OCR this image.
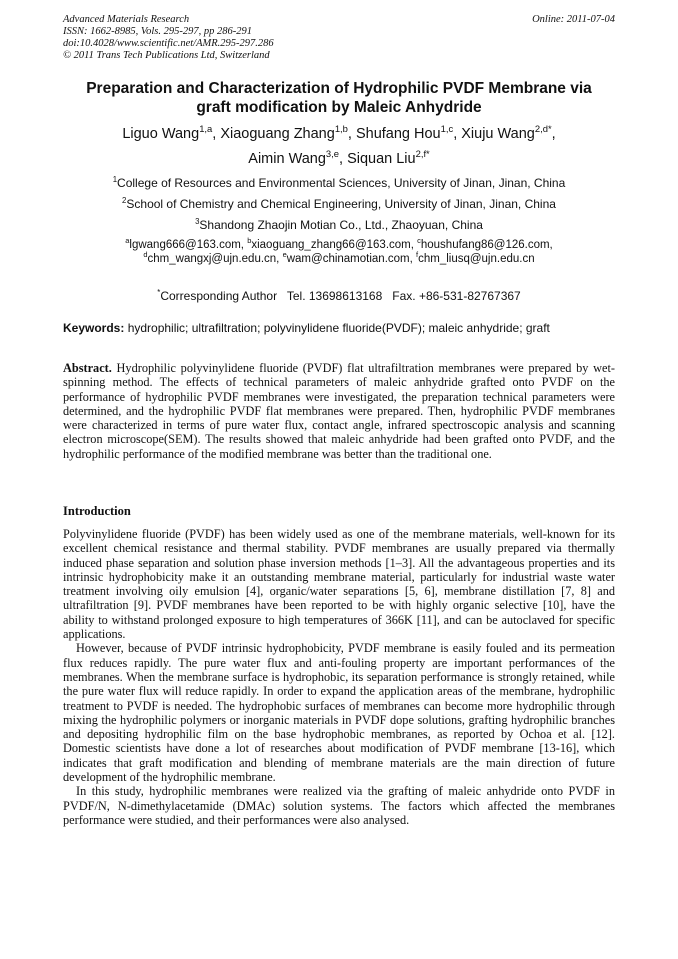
Advanced Materials Research
ISSN: 1662-8985, Vols. 295-297, pp 286-291
doi:10.4028/www.scientific.net/AMR.295-297.286
© 2011 Trans Tech Publications Ltd, Switzerland
Online: 2011-07-04
Preparation and Characterization of Hydrophilic PVDF Membrane via
graft modification by Maleic Anhydride
Liguo Wang$^{1,a}$, Xiaoguang Zhang$^{1,b}$, Shufang Hou$^{1,c}$, Xiuju Wang$^{2,d*}$,
Aimin Wang$^{3,e}$, Siquan Liu$^{2,f*}$
$^1$College of Resources and Environmental Sciences, University of Jinan, Jinan, China
$^2$School of Chemistry and Chemical Engineering, University of Jinan, Jinan, China
$^3$Shandong Zhaojin Motian Co., Ltd., Zhaoyuan, China
$^a$lgwang666@163.com, $^b$xiaoguang_zhang66@163.com, $^c$houshufang86@126.com,
$^d$chm_wangxj@ujn.edu.cn, $^e$wam@chinamotian.com, $^f$chm_liusq@ujn.edu.cn
*Corresponding Author   Tel. 13698613168   Fax. +86-531-82767367
Keywords: hydrophilic; ultrafiltration; polyvinylidene fluoride(PVDF); maleic anhydride; graft

Abstract. Hydrophilic polyvinylidene fluoride (PVDF) flat ultrafiltration membranes were prepared by wet-spinning method. The effects of technical parameters of maleic anhydride grafted onto PVDF on the performance of hydrophilic PVDF membranes were investigated, the preparation technical parameters were determined, and the hydrophilic PVDF flat membranes were prepared. Then, hydrophilic PVDF membranes were characterized in terms of pure water flux, contact angle, infrared spectroscopic analysis and scanning electron microscope(SEM). The results showed that maleic anhydride had been grafted onto PVDF, and the hydrophilic performance of the modified membrane was better than the traditional one.

Introduction

Polyvinylidene fluoride (PVDF) has been widely used as one of the membrane materials, well-known for its excellent chemical resistance and thermal stability. PVDF membranes are usually prepared via thermally induced phase separation and solution phase inversion methods [1–3]. All the advantageous properties and its intrinsic hydrophobicity make it an outstanding membrane material, particularly for industrial waste water treatment involving oily emulsion [4], organic/water separations [5, 6], membrane distillation [7, 8] and ultrafiltration [9]. PVDF membranes have been reported to be with highly organic selective [10], have the ability to withstand prolonged exposure to high temperatures of 366K [11], and can be autoclaved for specific applications.

However, because of PVDF intrinsic hydrophobicity, PVDF membrane is easily fouled and its permeation flux reduces rapidly. The pure water flux and anti-fouling property are important performances of the membranes. When the membrane surface is hydrophobic, its separation performance is strongly retained, while the pure water flux will reduce rapidly. In order to expand the application areas of the membrane, hydrophilic treatment to PVDF is needed. The hydrophobic surfaces of membranes can become more hydrophilic through mixing the hydrophilic polymers or inorganic materials in PVDF dope solutions, grafting hydrophilic branches and depositing hydrophilic film on the base hydrophobic membranes, as reported by Ochoa et al. [12]. Domestic scientists have done a lot of researches about modification of PVDF membrane [13-16], which indicates that graft modification and blending of membrane materials are the main direction of future development of the hydrophilic membrane.

In this study, hydrophilic membranes were realized via the grafting of maleic anhydride onto PVDF in PVDF/N, N-dimethylacetamide (DMAc) solution systems. The factors which affected the membranes performance were studied, and their performances were also analysed.
